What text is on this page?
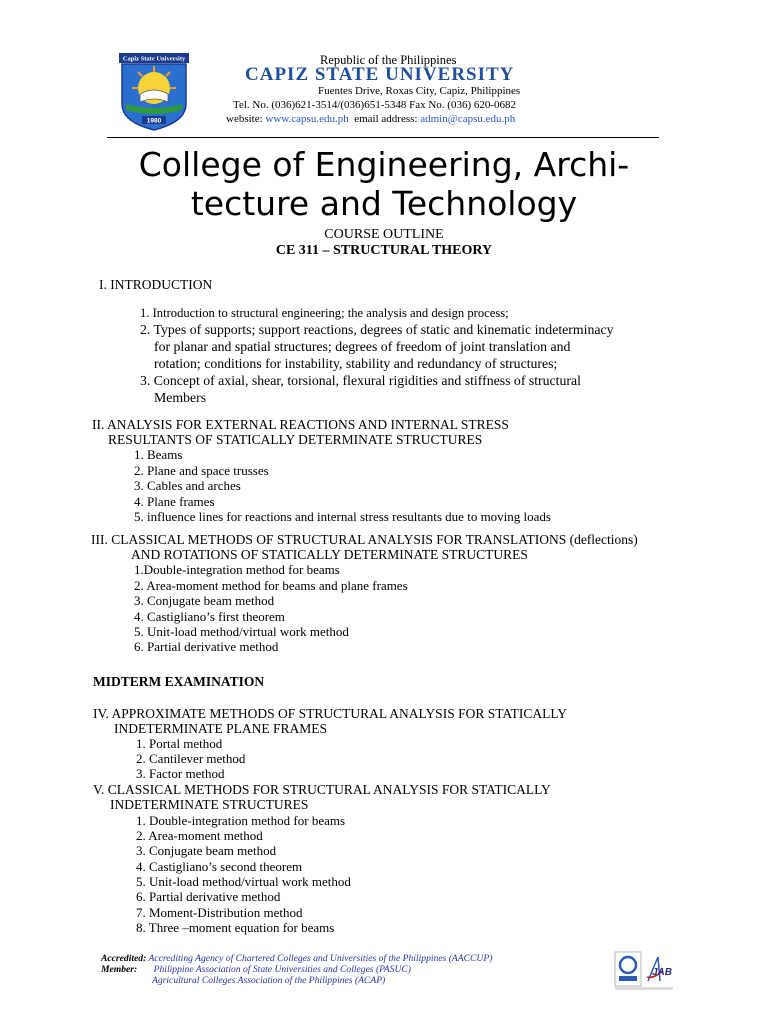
Capiz State University
1980
Republic of the Philippines
CAPIZ STATE UNIVERSITY
Fuentes Drive, Roxas City, Capiz, Philippines
Tel. No. (036)621-3514/(036)651-5348 Fax No. (036) 620-0682
website: www.capsu.edu.ph  email address: admin@capsu.edu.ph
College of Engineering, Archi-
tecture and Technology
COURSE OUTLINE
CE 311 – STRUCTURAL THEORY
I. INTRODUCTION
1. Introduction to structural engineering; the analysis and design process;
2. Types of supports; support reactions, degrees of static and kinematic indeterminacy
for planar and spatial structures; degrees of freedom of joint translation and
rotation; conditions for instability, stability and redundancy of structures;
3. Concept of axial, shear, torsional, flexural rigidities and stiffness of structural
Members
II. ANALYSIS FOR EXTERNAL REACTIONS AND INTERNAL STRESS
RESULTANTS OF STATICALLY DETERMINATE STRUCTURES
1. Beams
2. Plane and space trusses
3. Cables and arches
4. Plane frames
5. influence lines for reactions and internal stress resultants due to moving loads
III. CLASSICAL METHODS OF STRUCTURAL ANALYSIS FOR TRANSLATIONS (deflections)
AND ROTATIONS OF STATICALLY DETERMINATE STRUCTURES
1.Double-integration method for beams
2. Area-moment method for beams and plane frames
3. Conjugate beam method
4. Castigliano’s first theorem
5. Unit-load method/virtual work method
6. Partial derivative method
MIDTERM EXAMINATION
IV. APPROXIMATE METHODS OF STRUCTURAL ANALYSIS FOR STATICALLY
INDETERMINATE PLANE FRAMES
1. Portal method
2. Cantilever method
3. Factor method
V. CLASSICAL METHODS FOR STRUCTURAL ANALYSIS FOR STATICALLY
INDETERMINATE STRUCTURES
1. Double-integration method for beams
2. Area-moment method
3. Conjugate beam method
4. Castigliano’s second theorem
5. Unit-load method/virtual work method
6. Partial derivative method
7. Moment-Distribution method
8. Three –moment equation for beams
Accredited: Accrediting Agency of Chartered Colleges and Universities of the Philippines (AACCUP)
Member: Philippine Association of State Universities and Colleges (PASUC)
Agricultural Colleges Association of the Philippines (ACAP)
JAB
